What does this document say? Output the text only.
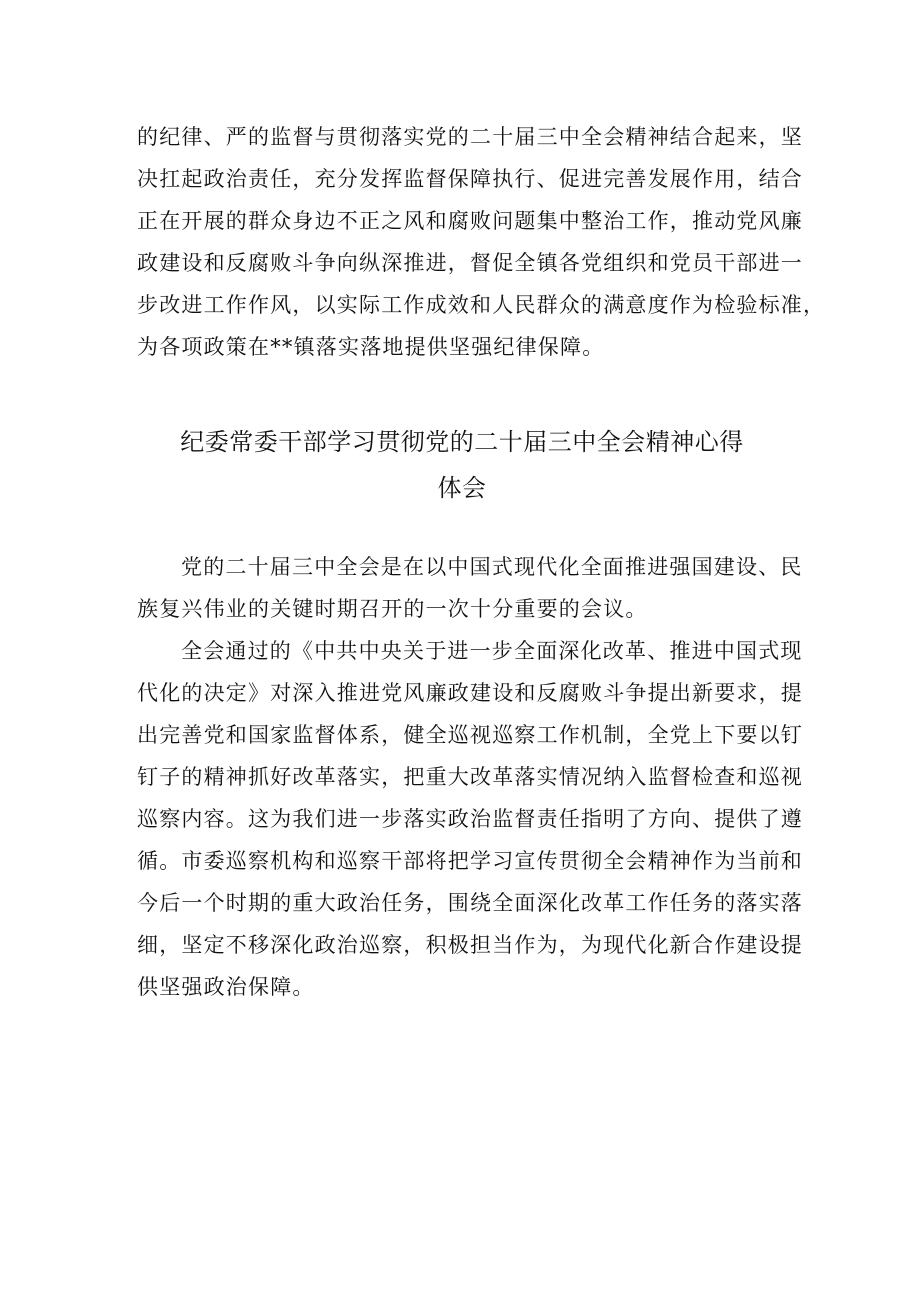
的纪律、严的监督与贯彻落实党的二十届三中全会精神结合起来，坚
决扛起政治责任，充分发挥监督保障执行、促进完善发展作用，结合
正在开展的群众身边不正之风和腐败问题集中整治工作，推动党风廉
政建设和反腐败斗争向纵深推进，督促全镇各党组织和党员干部进一
步改进工作作风，以实际工作成效和人民群众的满意度作为检验标准，
为各项政策在**镇落实落地提供坚强纪律保障。
纪委常委干部学习贯彻党的二十届三中全会精神心得
体会
党的二十届三中全会是在以中国式现代化全面推进强国建设、民
族复兴伟业的关键时期召开的一次十分重要的会议。
全会通过的《中共中央关于进一步全面深化改革、推进中国式现
代化的决定》对深入推进党风廉政建设和反腐败斗争提出新要求，提
出完善党和国家监督体系，健全巡视巡察工作机制，全党上下要以钉
钉子的精神抓好改革落实，把重大改革落实情况纳入监督检查和巡视
巡察内容。这为我们进一步落实政治监督责任指明了方向、提供了遵
循。市委巡察机构和巡察干部将把学习宣传贯彻全会精神作为当前和
今后一个时期的重大政治任务，围绕全面深化改革工作任务的落实落
细，坚定不移深化政治巡察，积极担当作为，为现代化新合作建设提
供坚强政治保障。
